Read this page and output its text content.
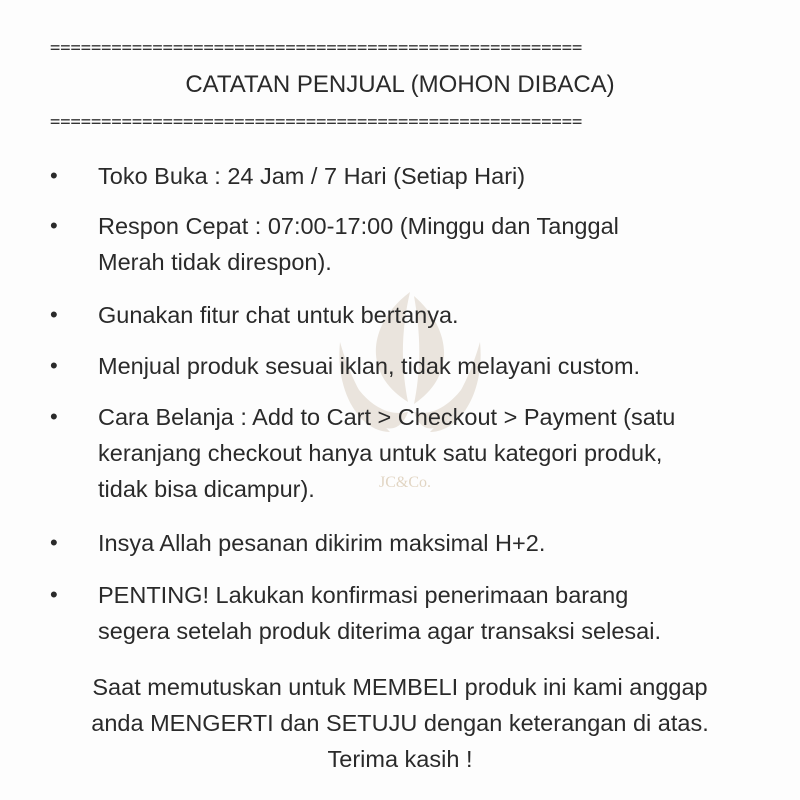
JC&Co.
====================================================
CATATAN PENJUAL (MOHON DIBACA)
====================================================
• Toko Buka : 24 Jam / 7 Hari (Setiap Hari)
• Respon Cepat : 07:00-17:00 (Minggu dan Tanggal
Merah tidak direspon).
• Gunakan fitur chat untuk bertanya.
• Menjual produk sesuai iklan, tidak melayani custom.
• Cara Belanja : Add to Cart > Checkout > Payment (satu
keranjang checkout hanya untuk satu kategori produk,
tidak bisa dicampur).
• Insya Allah pesanan dikirim maksimal H+2.
• PENTING! Lakukan konfirmasi penerimaan barang
segera setelah produk diterima agar transaksi selesai.
Saat memutuskan untuk MEMBELI produk ini kami anggap
anda MENGERTI dan SETUJU dengan keterangan di atas.
Terima kasih !
